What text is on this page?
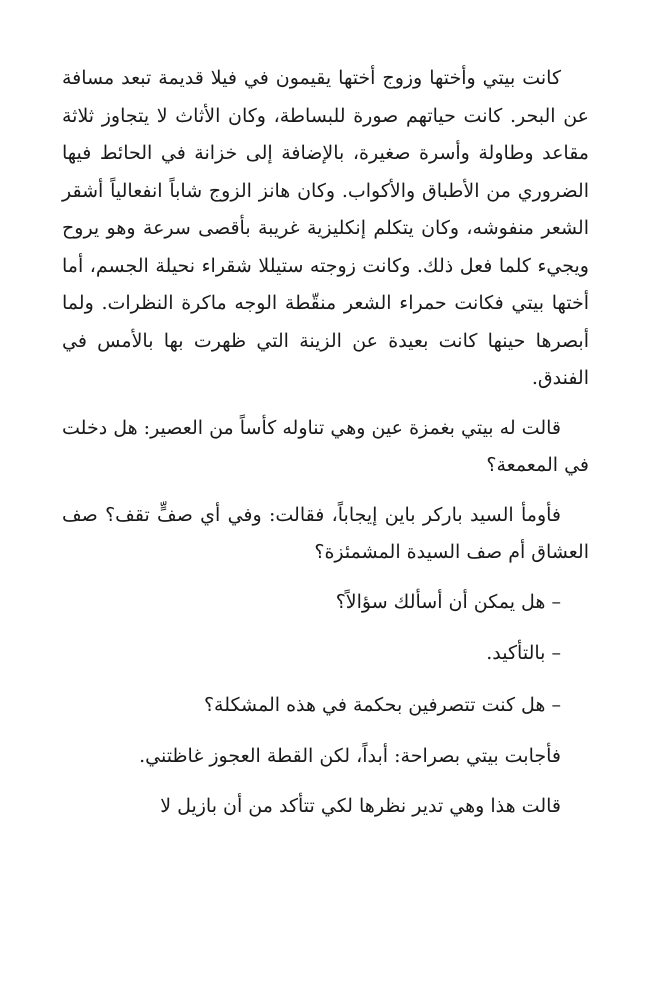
كانت بيتي وأختها وزوج أختها يقيمون في فيلا قديمة تبعد مسافة عن البحر. كانت حياتهم صورة للبساطة، وكان الأثاث لا يتجاوز ثلاثة مقاعد وطاولة وأسرة صغيرة، بالإضافة إلى خزانة في الحائط فيها الضروري من الأطباق والأكواب. وكان هانز الزوج شاباً انفعالياً أشقر الشعر منفوشه، وكان يتكلم إنكليزية غريبة بأقصى سرعة وهو يروح ويجيء كلما فعل ذلك. وكانت زوجته ستيللا شقراء نحيلة الجسم، أما أختها بيتي فكانت حمراء الشعر منقّطة الوجه ماكرة النظرات. ولما أبصرها حينها كانت بعيدة عن الزينة التي ظهرت بها بالأمس في الفندق.

قالت له بيتي بغمزة عين وهي تناوله كأساً من العصير: هل دخلت في المعمعة؟

فأومأ السيد باركر باين إيجاباً، فقالت: وفي أي صفٍّ تقف؟ صف العشاق أم صف السيدة المشمئزة؟

– هل يمكن أن أسألك سؤالاً؟

– بالتأكيد.

– هل كنت تتصرفين بحكمة في هذه المشكلة؟

فأجابت بيتي بصراحة: أبداً، لكن القطة العجوز غاظتني.

قالت هذا وهي تدير نظرها لكي تتأكد من أن بازيل لا
